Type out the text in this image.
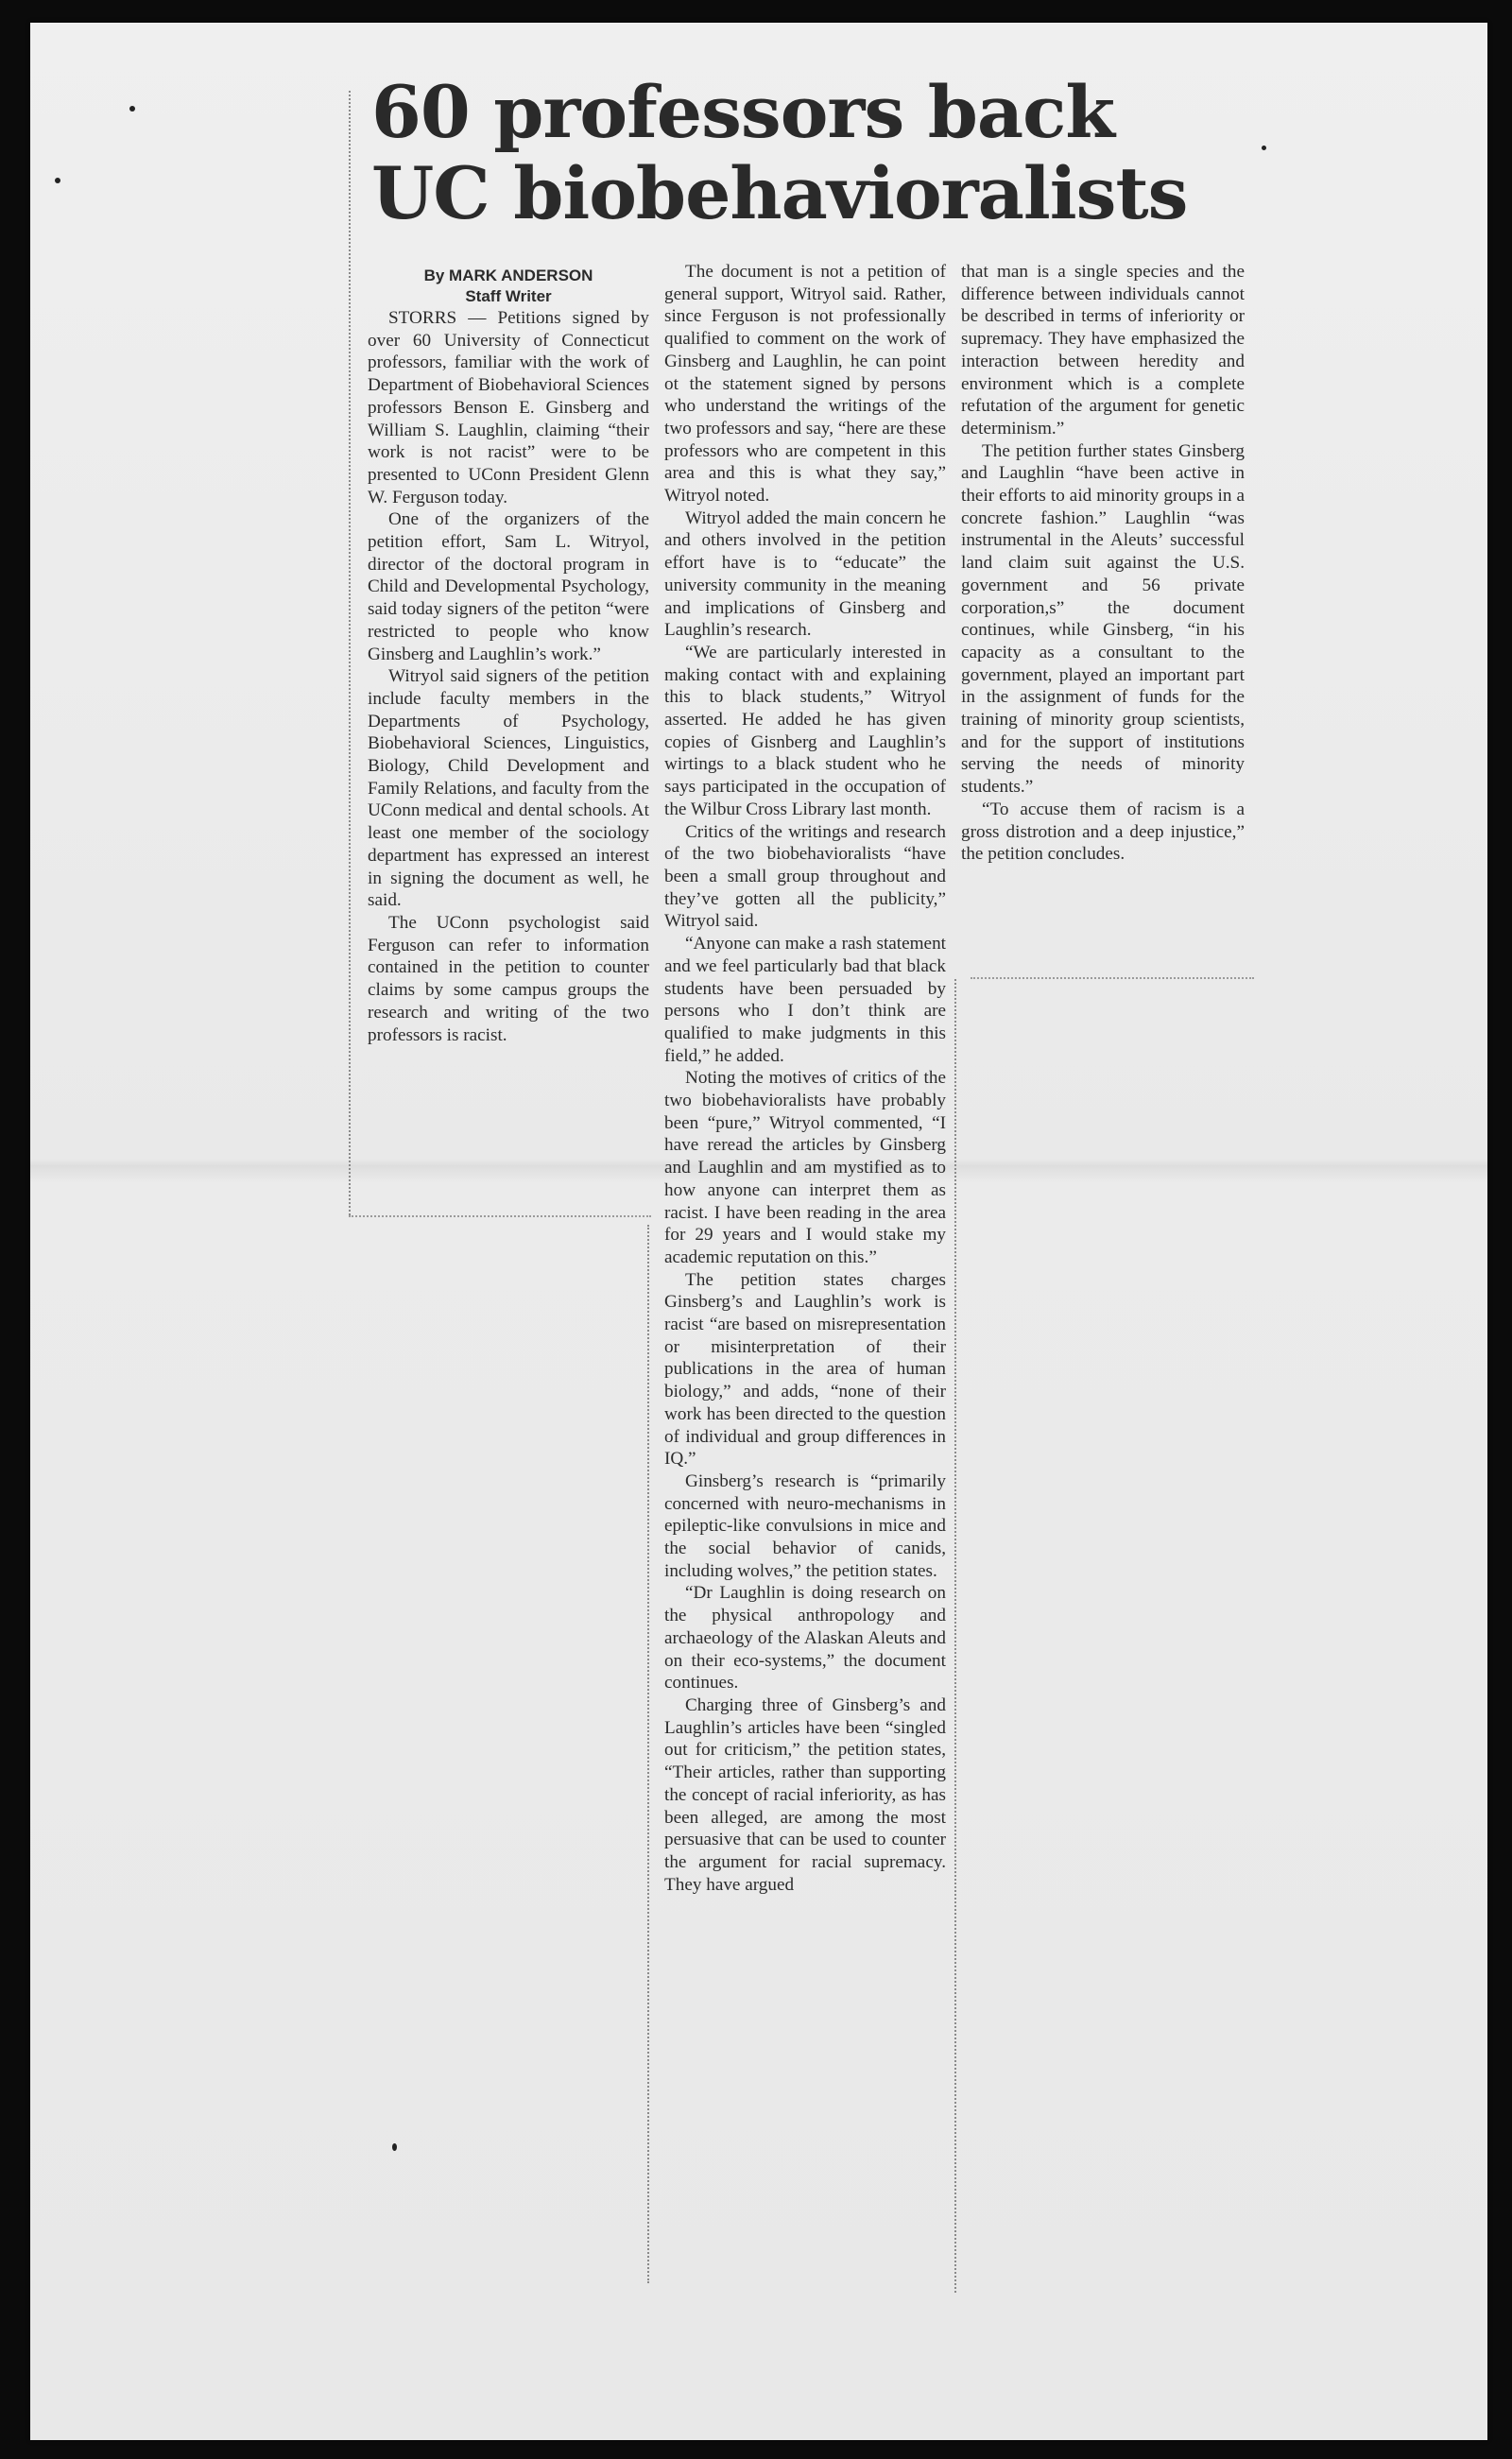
60 professors back
UC biobehavioralists

By MARK ANDERSON
Staff Writer

STORRS — Petitions signed by over 60 University of Connecticut professors, familiar with the work of Department of Biobehavioral Sciences professors Benson E. Ginsberg and William S. Laughlin, claiming “their work is not racist” were to be presented to UConn President Glenn W. Ferguson today.

One of the organizers of the petition effort, Sam L. Witryol, director of the doctoral program in Child and Developmental Psychology, said today signers of the petiton “were restricted to people who know Ginsberg and Laughlin’s work.”

Witryol said signers of the petition include faculty members in the Departments of Psychology, Biobehavioral Sciences, Linguistics, Biology, Child Development and Family Relations, and faculty from the UConn medical and dental schools. At least one member of the sociology department has expressed an interest in signing the document as well, he said.

The UConn psychologist said Ferguson can refer to information contained in the petition to counter claims by some campus groups the research and writing of the two professors is racist.

The document is not a petition of general support, Witryol said. Rather, since Ferguson is not professionally qualified to comment on the work of Ginsberg and Laughlin, he can point ot the statement signed by persons who understand the writings of the two professors and say, “here are these professors who are competent in this area and this is what they say,” Witryol noted.

Witryol added the main concern he and others involved in the petition effort have is to “educate” the university community in the meaning and implications of Ginsberg and Laughlin’s research.

“We are particularly interested in making contact with and explaining this to black students,” Witryol asserted. He added he has given copies of Gisnberg and Laughlin’s wirtings to a black student who he says participated in the occupation of the Wilbur Cross Library last month.

Critics of the writings and research of the two biobehavioralists “have been a small group throughout and they’ve gotten all the publicity,” Witryol said.

“Anyone can make a rash statement and we feel particularly bad that black students have been persuaded by persons who I don’t think are qualified to make judgments in this field,” he added.

Noting the motives of critics of the two biobehavioralists have probably been “pure,” Witryol commented, “I have reread the articles by Ginsberg and Laughlin and am mystified as to how anyone can interpret them as racist. I have been reading in the area for 29 years and I would stake my academic reputation on this.”

The petition states charges Ginsberg’s and Laughlin’s work is racist “are based on misrepresentation or misinterpretation of their publications in the area of human biology,” and adds, “none of their work has been directed to the question of individual and group differences in IQ.”

Ginsberg’s research is “primarily concerned with neuro-mechanisms in epileptic-like convulsions in mice and the social behavior of canids, including wolves,” the petition states.

“Dr Laughlin is doing research on the physical anthropology and archaeology of the Alaskan Aleuts and on their eco-systems,” the document continues.

Charging three of Ginsberg’s and Laughlin’s articles have been “singled out for criticism,” the petition states, “Their articles, rather than supporting the concept of racial inferiority, as has been alleged, are among the most persuasive that can be used to counter the argument for racial supremacy. They have argued

that man is a single species and the difference between individuals cannot be described in terms of inferiority or supremacy. They have emphasized the interaction between heredity and environment which is a complete refutation of the argument for genetic determinism.”

The petition further states Ginsberg and Laughlin “have been active in their efforts to aid minority groups in a concrete fashion.” Laughlin “was instrumental in the Aleuts’ successful land claim suit against the U.S. government and 56 private corporation,s” the document continues, while Ginsberg, “in his capacity as a consultant to the government, played an important part in the assignment of funds for the training of minority group scientists, and for the support of institutions serving the needs of minority students.”

“To accuse them of racism is a gross distrotion and a deep injustice,” the petition concludes.
